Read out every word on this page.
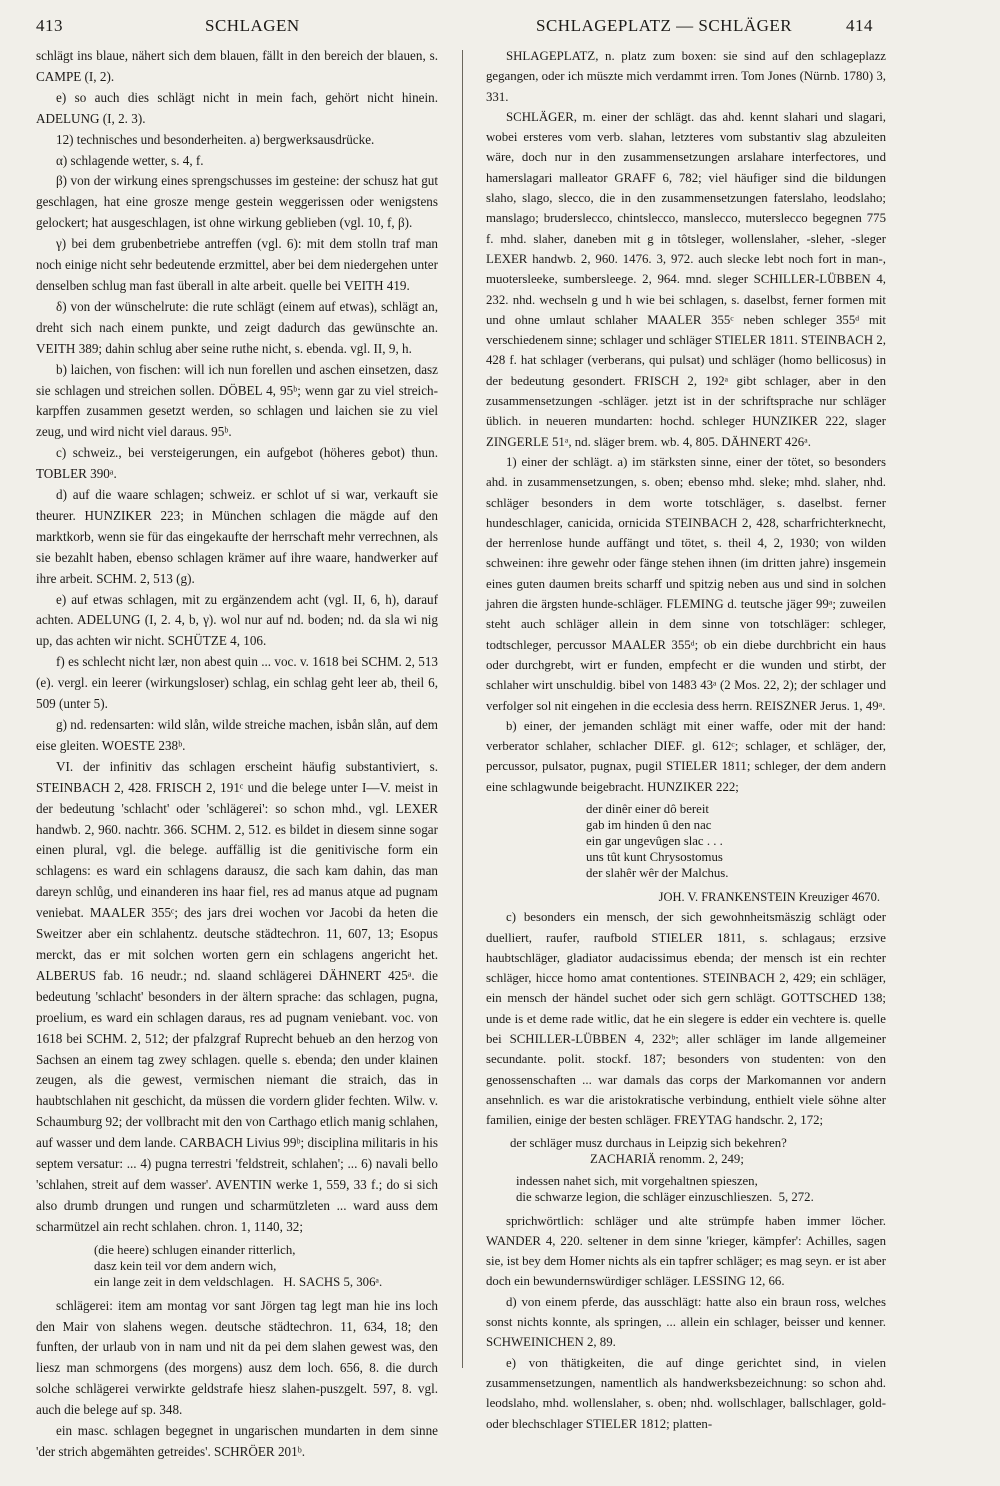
413	SCHLAGEN	SCHLAGEPLATZ — SCHLÄGER	414

schlägt ins blaue, nähert sich dem blauen, fällt in den bereich der blauen, s. CAMPE (I, 2).

e) so auch dies schlägt nicht in mein fach, gehört nicht hinein. ADELUNG (I, 2. 3).

12) technisches und besonderheiten. a) bergwerksausdrücke.

α) schlagende wetter, s. 4, f.

β) von der wirkung eines sprengschusses im gesteine: der schusz hat gut geschlagen, hat eine grosze menge gestein weggerissen oder wenigstens gelockert; hat ausgeschlagen, ist ohne wirkung geblieben (vgl. 10, f, β).

γ) bei dem grubenbetriebe antreffen (vgl. 6): mit dem stolln traf man noch einige nicht sehr bedeutende erzmittel, aber bei dem niedergehen unter denselben schlug man fast überall in alte arbeit. quelle bei VEITH 419.

δ) von der wünschelrute: die rute schlägt (einem auf etwas), schlägt an, dreht sich nach einem punkte, und zeigt dadurch das gewünschte an. VEITH 389; dahin schlug aber seine ruthe nicht, s. ebenda. vgl. II, 9, h.

b) laichen, von fischen: will ich nun forellen und aschen einsetzen, dasz sie schlagen und streichen sollen. DÖBEL 4, 95ᵇ; wenn gar zu viel streich-karpffen zusammen gesetzt werden, so schlagen und laichen sie zu viel zeug, und wird nicht viel daraus. 95ᵇ.

c) schweiz., bei versteigerungen, ein aufgebot (höheres gebot) thun. TOBLER 390ᵃ.

d) auf die waare schlagen; schweiz. er schlot uf si war, verkauft sie theurer. HUNZIKER 223; in München schlagen die mägde auf den marktkorb, wenn sie für das eingekaufte der herrschaft mehr verrechnen, als sie bezahlt haben, ebenso schlagen krämer auf ihre waare, handwerker auf ihre arbeit. SCHM. 2, 513 (g).

e) auf etwas schlagen, mit zu ergänzendem acht (vgl. II, 6, h), darauf achten. ADELUNG (I, 2. 4, b, γ). wol nur auf nd. boden; nd. da sla wi nig up, das achten wir nicht. SCHÜTZE 4, 106.

f) es schlecht nicht lær, non abest quin ... voc. v. 1618 bei SCHM. 2, 513 (e). vergl. ein leerer (wirkungsloser) schlag, ein schlag geht leer ab, theil 6, 509 (unter 5).

g) nd. redensarten: wild slån, wilde streiche machen, isbån slån, auf dem eise gleiten. WOESTE 238ᵇ.

VI. der infinitiv das schlagen erscheint häufig substantiviert, s. STEINBACH 2, 428. FRISCH 2, 191ᶜ und die belege unter I—V. meist in der bedeutung 'schlacht' oder 'schlägerei': so schon mhd., vgl. LEXER handwb. 2, 960. nachtr. 366. SCHM. 2, 512. es bildet in diesem sinne sogar einen plural, vgl. die belege. auffällig ist die genitivische form ein schlagens: es ward ein schlagens darausz, die sach kam dahin, das man dareyn schlůg, und einanderen ins haar fiel, res ad manus atque ad pugnam veniebat. MAALER 355ᶜ; des jars drei wochen vor Jacobi da heten die Sweitzer aber ein schlahentz. deutsche städtechron. 11, 607, 13; Esopus merckt, das er mit solchen worten gern ein schlagens angericht het. ALBERUS fab. 16 neudr.; nd. slaand schlägerei DÄHNERT 425ᵃ. die bedeutung 'schlacht' besonders in der ältern sprache: das schlagen, pugna, proelium, es ward ein schlagen daraus, res ad pugnam veniebant. voc. von 1618 bei SCHM. 2, 512; der pfalzgraf Ruprecht behueb an den herzog von Sachsen an einem tag zwey schlagen. quelle s. ebenda; den under klainen zeugen, als die gewest, vermischen niemant die straich, das in haubtschlahen nit geschicht, da müssen die vordern glider fechten. Wilw. v. Schaumburg 92; der vollbracht mit den von Carthago etlich manig schlahen, auf wasser und dem lande. CARBACH Livius 99ᵇ; disciplina militaris in his septem versatur: ... 4) pugna terrestri 'feldstreit, schlahen'; ... 6) navali bello 'schlahen, streit auf dem wasser'. AVENTIN werke 1, 559, 33 f.; do si sich also drumb drungen und rungen und scharmützleten ... ward auss dem scharmützel ain recht schlahen. chron. 1, 1140, 32;

(die heere) schlugen einander ritterlich,
dasz kein teil vor dem andern wich,
ein lange zeit in dem veldschlagen.   H. SACHS 5, 306ᵃ.

schlägerei: item am montag vor sant Jörgen tag legt man hie ins loch den Mair von slahens wegen. deutsche städtechron. 11, 634, 18; den funften, der urlaub von in nam und nit da pei dem slahen gewest was, den liesz man schmorgens (des morgens) ausz dem loch. 656, 8. die durch solche schlägerei verwirkte geldstrafe hiesz slahen-puszgelt. 597, 8. vgl. auch die belege auf sp. 348.

ein masc. schlagen begegnet in ungarischen mundarten in dem sinne 'der strich abgemähten getreides'. SCHRÖER 201ᵇ.

SHLAGEPLATZ, n. platz zum boxen: sie sind auf den schlageplazz gegangen, oder ich müszte mich verdammt irren. Tom Jones (Nürnb. 1780) 3, 331.

SCHLÄGER, m. einer der schlägt. das ahd. kennt slahari und slagari, wobei ersteres vom verb. slahan, letzteres vom substantiv slag abzuleiten wäre, doch nur in den zusammensetzungen arslahare interfectores, und hamerslagari malleator GRAFF 6, 782; viel häufiger sind die bildungen slaho, slago, slecco, die in den zusammensetzungen faterslaho, leodslaho; manslago; bruderslecco, chintslecco, manslecco, muterslecco begegnen 775 f. mhd. slaher, daneben mit g in tôtsleger, wollenslaher, -sleher, -sleger LEXER handwb. 2, 960. 1476. 3, 972. auch slecke lebt noch fort in man-, muotersleeke, sumbersleege. 2, 964. mnd. sleger SCHILLER-LÜBBEN 4, 232. nhd. wechseln g und h wie bei schlagen, s. daselbst, ferner formen mit und ohne umlaut schlaher MAALER 355ᶜ neben schleger 355ᵈ mit verschiedenem sinne; schlager und schläger STIELER 1811. STEINBACH 2, 428 f. hat schlager (verberans, qui pulsat) und schläger (homo bellicosus) in der bedeutung gesondert. FRISCH 2, 192ᵃ gibt schlager, aber in den zusammensetzungen -schläger. jetzt ist in der schriftsprache nur schläger üblich. in neueren mundarten: hochd. schleger HUNZIKER 222, slager ZINGERLE 51ᵃ, nd. släger brem. wb. 4, 805. DÄHNERT 426ᵃ.

1) einer der schlägt. a) im stärksten sinne, einer der tötet, so besonders ahd. in zusammensetzungen, s. oben; ebenso mhd. sleke; mhd. slaher, nhd. schläger besonders in dem worte totschläger, s. daselbst. ferner hundeschlager, canicida, ornicida STEINBACH 2, 428, scharfrichterknecht, der herrenlose hunde auffängt und tötet, s. theil 4, 2, 1930; von wilden schweinen: ihre gewehr oder fänge stehen ihnen (im dritten jahre) insgemein eines guten daumen breits scharff und spitzig neben aus und sind in solchen jahren die ärgsten hunde-schläger. FLEMING d. teutsche jäger 99ᵃ; zuweilen steht auch schläger allein in dem sinne von totschläger: schleger, todtschleger, percussor MAALER 355ᵈ; ob ein diebe durchbricht ein haus oder durchgrebt, wirt er funden, empfecht er die wunden und stirbt, der schlaher wirt unschuldig. bibel von 1483 43ᵃ (2 Mos. 22, 2); der schlager und verfolger sol nit eingehen in die ecclesia dess herrn. REISZNER Jerus. 1, 49ᵃ.

b) einer, der jemanden schlägt mit einer waffe, oder mit der hand: verberator schlaher, schlacher DIEF. gl. 612ᶜ; schlager, et schläger, der, percussor, pulsator, pugnax, pugil STIELER 1811; schleger, der dem andern eine schlagwunde beigebracht. HUNZIKER 222;

der dinêr einer dô bereit
gab im hinden û den nac
ein gar ungevûgen slac . . .
uns tût kunt Chrysostomus
der slahêr wêr der Malchus.
JOH. V. FRANKENSTEIN Kreuziger 4670.

c) besonders ein mensch, der sich gewohnheitsmäszig schlägt oder duelliert, raufer, raufbold STIELER 1811, s. schlagaus; erzsive haubtschläger, gladiator audacissimus ebenda; der mensch ist ein rechter schläger, hicce homo amat contentiones. STEINBACH 2, 429; ein schläger, ein mensch der händel suchet oder sich gern schlägt. GOTTSCHED 138; unde is et deme rade witlic, dat he ein slegere is edder ein vechtere is. quelle bei SCHILLER-LÜBBEN 4, 232ᵇ; aller schläger im lande allgemeiner secundante. polit. stockf. 187; besonders von studenten: von den genossenschaften ... war damals das corps der Markomannen vor andern ansehnlich. es war die aristokratische verbindung, enthielt viele söhne alter familien, einige der besten schläger. FREYTAG handschr. 2, 172;

der schläger musz durchaus in Leipzig sich bekehren?
ZACHARIÄ renomm. 2, 249;
indessen nahet sich, mit vorgehaltnen spieszen,
die schwarze legion, die schläger einzuschlieszen.  5, 272.

sprichwörtlich: schläger und alte strümpfe haben immer löcher. WANDER 4, 220. seltener in dem sinne 'krieger, kämpfer': Achilles, sagen sie, ist bey dem Homer nichts als ein tapfrer schläger; es mag seyn. er ist aber doch ein bewundernswürdiger schläger. LESSING 12, 66.

d) von einem pferde, das ausschlägt: hatte also ein braun ross, welches sonst nichts konnte, als springen, ... allein ein schlager, beisser und kenner. SCHWEINICHEN 2, 89.

e) von thätigkeiten, die auf dinge gerichtet sind, in vielen zusammensetzungen, namentlich als handwerksbezeichnung: so schon ahd. leodslaho, mhd. wollenslaher, s. oben; nhd. wollschlager, ballschlager, gold- oder blechschlager STIELER 1812; platten-
